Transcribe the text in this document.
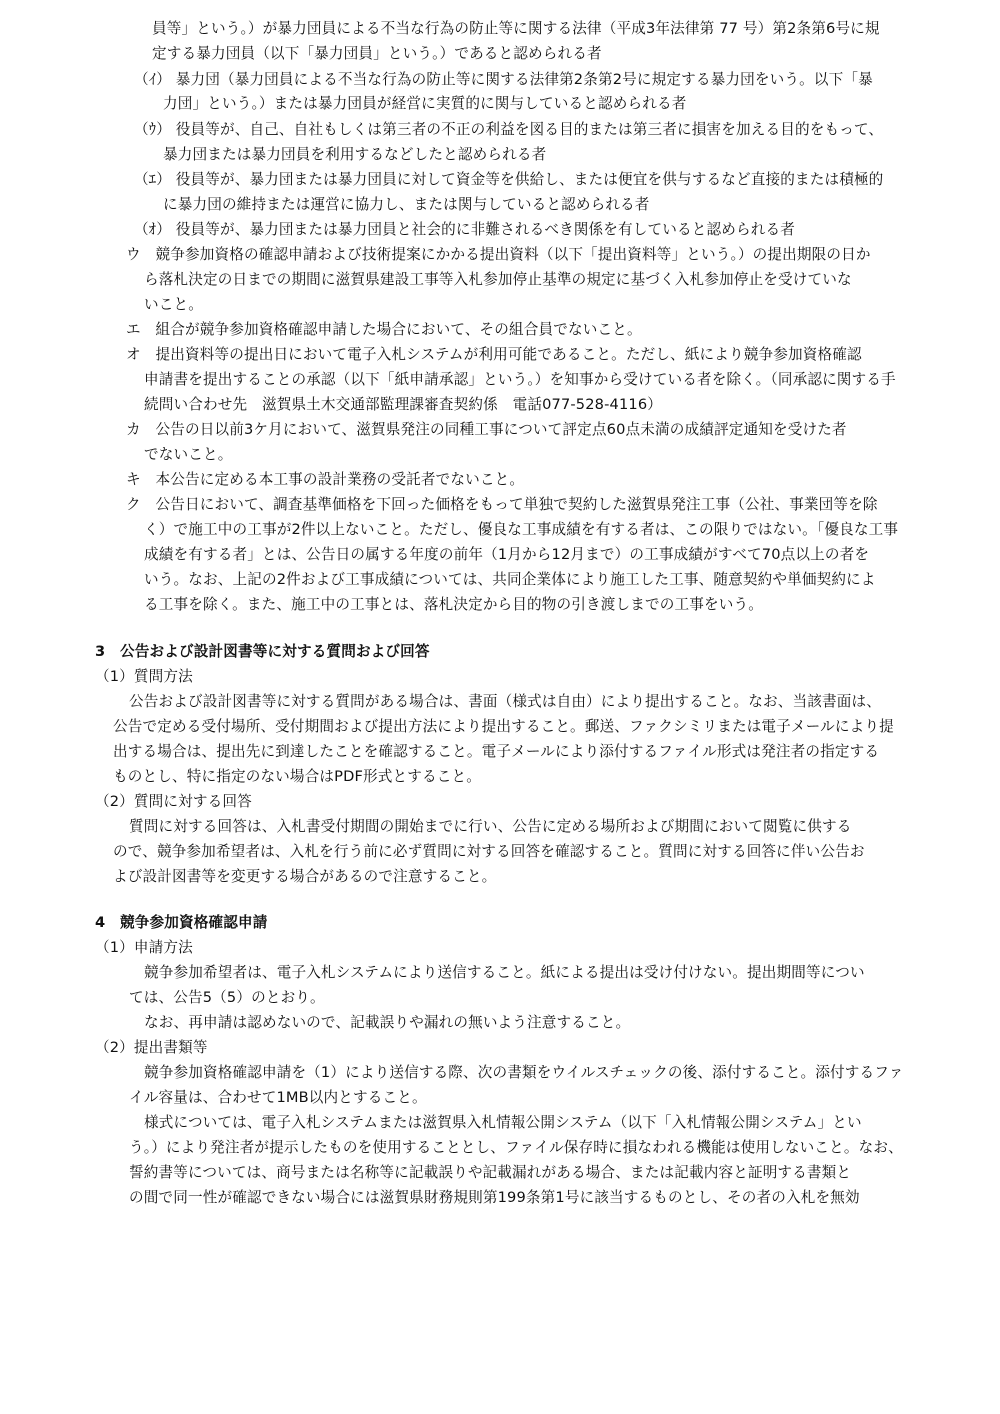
員等」という。）が暴力団員による不当な行為の防止等に関する法律（平成3年法律第 77 号）第2条第6号に規
定する暴力団員（以下「暴力団員」という。）であると認められる者
（ｲ） 暴力団（暴力団員による不当な行為の防止等に関する法律第2条第2号に規定する暴力団をいう。以下「暴
力団」という。）または暴力団員が経営に実質的に関与していると認められる者
（ｳ） 役員等が、自己、自社もしくは第三者の不正の利益を図る目的または第三者に損害を加える目的をもって、
暴力団または暴力団員を利用するなどしたと認められる者
（ｴ） 役員等が、暴力団または暴力団員に対して資金等を供給し、または便宜を供与するなど直接的または積極的
に暴力団の維持または運営に協力し、または関与していると認められる者
（ｵ） 役員等が、暴力団または暴力団員と社会的に非難されるべき関係を有していると認められる者
ウ　競争参加資格の確認申請および技術提案にかかる提出資料（以下「提出資料等」という。）の提出期限の日か
ら落札決定の日までの期間に滋賀県建設工事等入札参加停止基準の規定に基づく入札参加停止を受けていな
いこと。
エ　組合が競争参加資格確認申請した場合において、その組合員でないこと。
オ　提出資料等の提出日において電子入札システムが利用可能であること。ただし、紙により競争参加資格確認
申請書を提出することの承認（以下「紙申請承認」という。）を知事から受けている者を除く。（同承認に関する手
続問い合わせ先　滋賀県土木交通部監理課審査契約係　電話077-528-4116）
カ　公告の日以前3ケ月において、滋賀県発注の同種工事について評定点60点未満の成績評定通知を受けた者
でないこと。
キ　本公告に定める本工事の設計業務の受託者でないこと。
ク　公告日において、調査基準価格を下回った価格をもって単独で契約した滋賀県発注工事（公社、事業団等を除
く）で施工中の工事が2件以上ないこと。ただし、優良な工事成績を有する者は、この限りではない。「優良な工事
成績を有する者」とは、公告日の属する年度の前年（1月から12月まで）の工事成績がすべて70点以上の者を
いう。なお、上記の2件および工事成績については、共同企業体により施工した工事、随意契約や単価契約によ
る工事を除く。また、施工中の工事とは、落札決定から目的物の引き渡しまでの工事をいう。
3　公告および設計図書等に対する質問および回答
（1）質問方法
公告および設計図書等に対する質問がある場合は、書面（様式は自由）により提出すること。なお、当該書面は、
公告で定める受付場所、受付期間および提出方法により提出すること。郵送、ファクシミリまたは電子メールにより提
出する場合は、提出先に到達したことを確認すること。電子メールにより添付するファイル形式は発注者の指定する
ものとし、特に指定のない場合はPDF形式とすること。
（2）質問に対する回答
質問に対する回答は、入札書受付期間の開始までに行い、公告に定める場所および期間において閲覧に供する
ので、競争参加希望者は、入札を行う前に必ず質問に対する回答を確認すること。質問に対する回答に伴い公告お
よび設計図書等を変更する場合があるので注意すること。
4　競争参加資格確認申請
（1）申請方法
競争参加希望者は、電子入札システムにより送信すること。紙による提出は受け付けない。提出期間等につい
ては、公告5（5）のとおり。
なお、再申請は認めないので、記載誤りや漏れの無いよう注意すること。
（2）提出書類等
競争参加資格確認申請を（1）により送信する際、次の書類をウイルスチェックの後、添付すること。添付するファ
イル容量は、合わせて1MB以内とすること。
様式については、電子入札システムまたは滋賀県入札情報公開システム（以下「入札情報公開システム」とい
う。）により発注者が提示したものを使用することとし、ファイル保存時に損なわれる機能は使用しないこと。なお、
誓約書等については、商号または名称等に記載誤りや記載漏れがある場合、または記載内容と証明する書類と
の間で同一性が確認できない場合には滋賀県財務規則第199条第1号に該当するものとし、その者の入札を無効
